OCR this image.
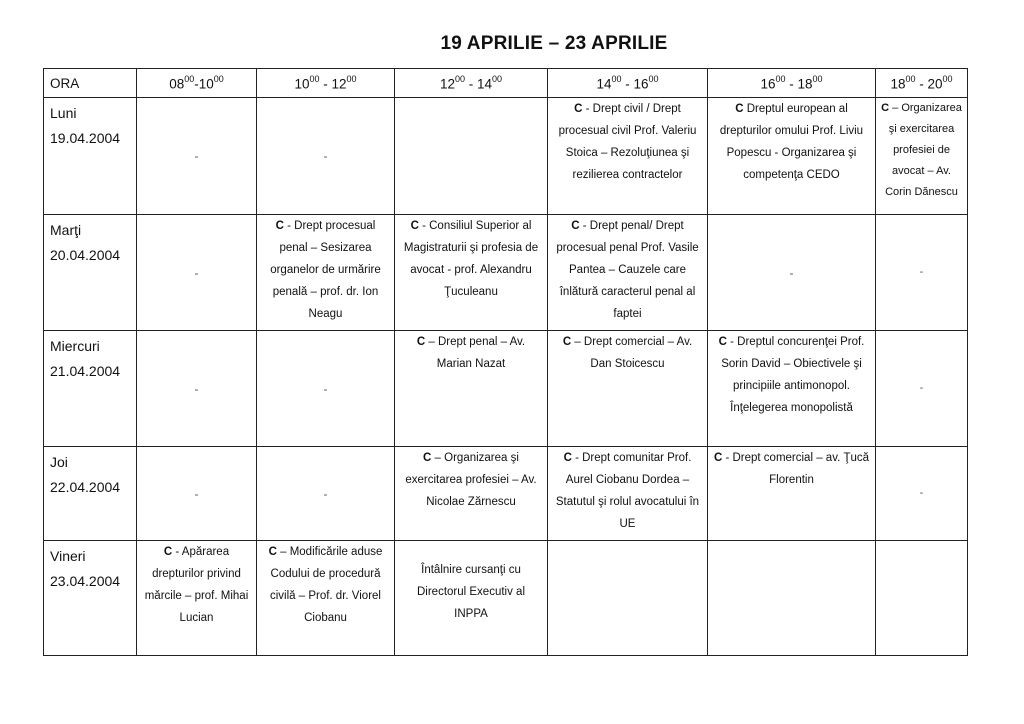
19 APRILIE – 23 APRILIE
ORA	$08^{00}-10^{00}$	$10^{00} - 12^{00}$	$12^{00} - 14^{00}$	$14^{00} - 16^{00}$	$16^{00} - 18^{00}$	$18^{00} - 20^{00}$

Luni
19.04.2004	-	-		C - Drept civil / Drept procesual civil Prof. Valeriu Stoica – Rezoluţiunea şi rezilierea contractelor	C Dreptul european al drepturilor omului Prof. Liviu Popescu - Organizarea şi competenţa CEDO	C – Organizarea şi exercitarea profesiei de avocat – Av. Corin Dănescu

Marţi
20.04.2004	-	C - Drept procesual penal – Sesizarea organelor de urmărire penală – prof. dr. Ion Neagu	C - Consiliul Superior al Magistraturii şi profesia de avocat - prof. Alexandru Ţuculeanu	C - Drept penal/ Drept procesual penal Prof. Vasile Pantea – Cauzele care înlătură caracterul penal al faptei	-	-

Miercuri
21.04.2004	-	-	C – Drept penal – Av. Marian Nazat	C – Drept comercial – Av. Dan Stoicescu	C - Dreptul concurenţei Prof. Sorin David – Obiectivele şi principiile antimonopol. Înţelegerea monopolistă	-

Joi
22.04.2004	-	-	C – Organizarea şi exercitarea profesiei – Av. Nicolae Zărnescu	C - Drept comunitar Prof. Aurel Ciobanu Dordea – Statutul şi rolul avocatului în UE	C - Drept comercial – av. Ţucă Florentin	-

Vineri
23.04.2004	C - Apărarea drepturilor privind mărcile – prof. Mihai Lucian	C – Modificările aduse Codului de procedură civilă – Prof. dr. Viorel Ciobanu	Întâlnire cursanţi cu Directorul Executiv al INPPA			
